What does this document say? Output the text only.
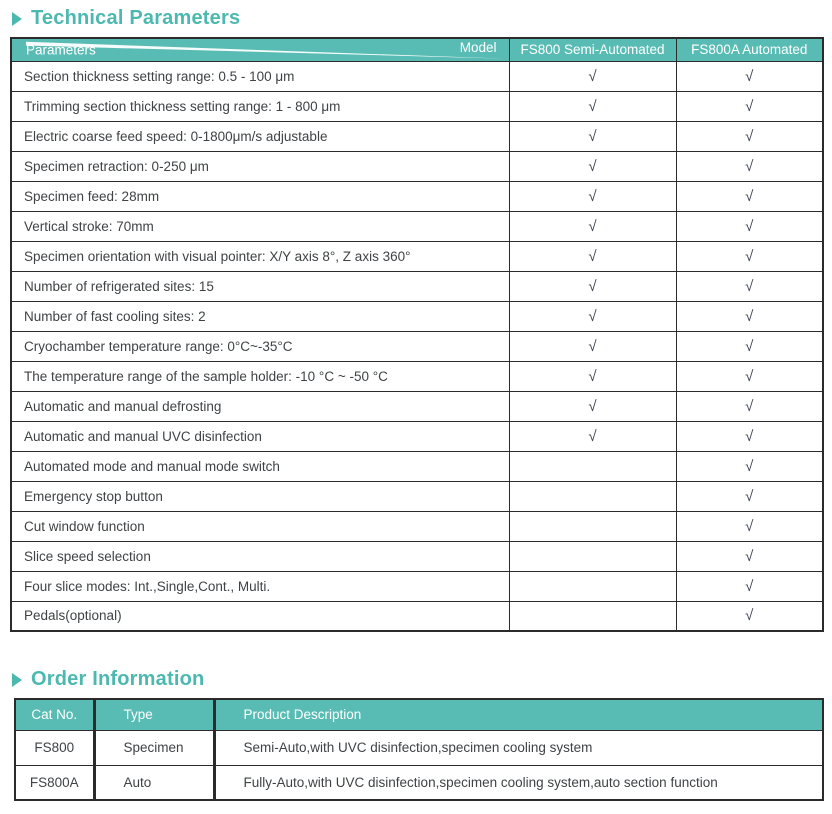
Technical Parameters
Parameters Model	FS800 Semi-Automated	FS800A Automated
Section thickness setting range: 0.5 - 100 μm	√	√
Trimming section thickness setting range: 1 - 800 μm	√	√
Electric coarse feed speed: 0-1800μm/s adjustable	√	√
Specimen retraction: 0-250 μm	√	√
Specimen feed: 28mm	√	√
Vertical stroke: 70mm	√	√
Specimen orientation with visual pointer: X/Y axis 8°, Z axis 360°	√	√
Number of refrigerated sites: 15	√	√
Number of fast cooling sites: 2	√	√
Cryochamber temperature range: 0°C~-35°C	√	√
The temperature range of the sample holder: -10 °C ~ -50 °C	√	√
Automatic and manual defrosting	√	√
Automatic and manual UVC disinfection	√	√
Automated mode and manual mode switch		√
Emergency stop button		√
Cut window function		√
Slice speed selection		√
Four slice modes: Int.,Single,Cont., Multi.		√
Pedals(optional)		√
Order Information
Cat No.	Type	Product Description
FS800	Specimen	Semi-Auto,with UVC disinfection,specimen cooling system
FS800A	Auto	Fully-Auto,with UVC disinfection,specimen cooling system,auto section function
